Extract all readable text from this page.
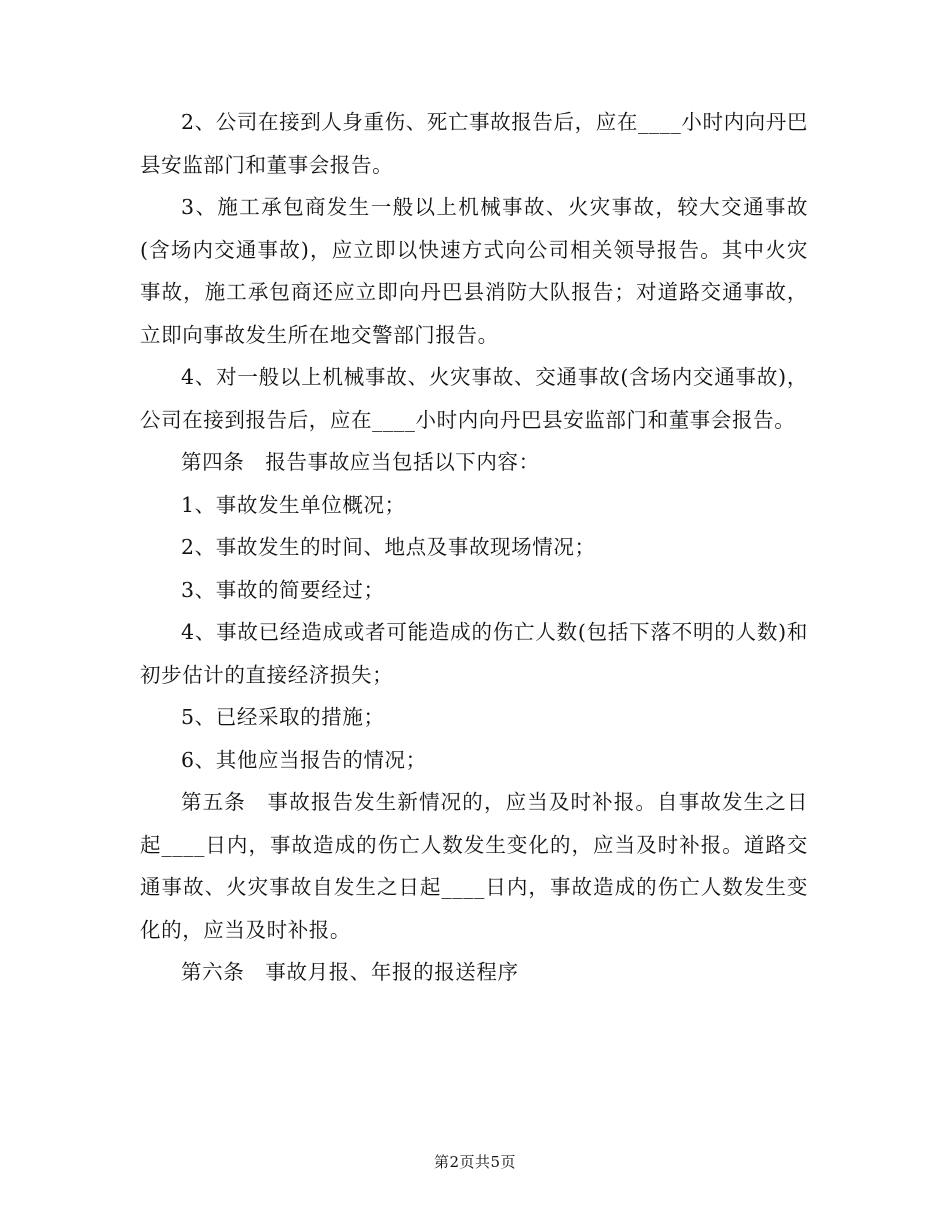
2、公司在接到人身重伤、死亡事故报告后，应在____小时内向丹巴县安监部门和董事会报告。

3、施工承包商发生一般以上机械事故、火灾事故，较大交通事故(含场内交通事故)，应立即以快速方式向公司相关领导报告。其中火灾事故，施工承包商还应立即向丹巴县消防大队报告；对道路交通事故，立即向事故发生所在地交警部门报告。

4、对一般以上机械事故、火灾事故、交通事故(含场内交通事故)，公司在接到报告后，应在____小时内向丹巴县安监部门和董事会报告。

第四条　报告事故应当包括以下内容：

1、事故发生单位概况；

2、事故发生的时间、地点及事故现场情况；

3、事故的简要经过；

4、事故已经造成或者可能造成的伤亡人数(包括下落不明的人数)和初步估计的直接经济损失；

5、已经采取的措施；

6、其他应当报告的情况；

第五条　事故报告发生新情况的，应当及时补报。自事故发生之日起____日内，事故造成的伤亡人数发生变化的，应当及时补报。道路交通事故、火灾事故自发生之日起____日内，事故造成的伤亡人数发生变化的，应当及时补报。

第六条　事故月报、年报的报送程序

第2页共5页
